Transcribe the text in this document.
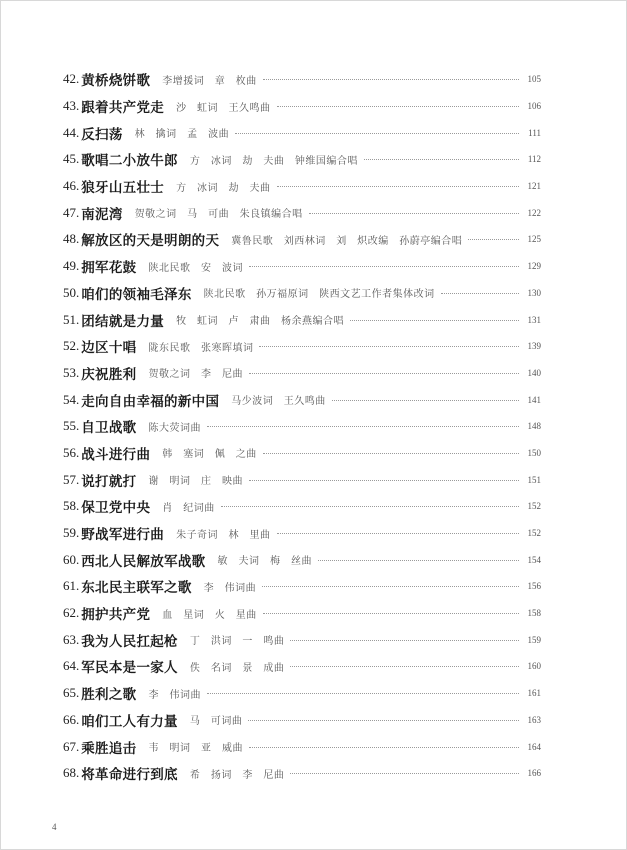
42. 黄桥烧饼歌 李增援词　章　枚曲	105
43. 跟着共产党走 沙　虹词　王久鸣曲	106
44. 反扫荡 林　擒词　孟　波曲	111
45. 歌唱二小放牛郎 方　冰词　劫　夫曲　钟维国编合唱	112
46. 狼牙山五壮士 方　冰词　劫　夫曲	121
47. 南泥湾 贺敬之词　马　可曲　朱良镇编合唱	122
48. 解放区的天是明朗的天 冀鲁民歌　刘西林词　刘　炽改编　孙蔚亭编合唱	125
49. 拥军花鼓 陕北民歌　安　波词	129
50. 咱们的领袖毛泽东 陕北民歌　孙万福原词　陕西文艺工作者集体改词	130
51. 团结就是力量 牧　虹词　卢　肃曲　杨余燕编合唱	131
52. 边区十唱 陇东民歌　张寒晖填词	139
53. 庆祝胜利 贺敬之词　李　尼曲	140
54. 走向自由幸福的新中国 马少波词　王久鸣曲	141
55. 自卫战歌 陈大荧词曲	148
56. 战斗进行曲 韩　塞词　佩　之曲	150
57. 说打就打 谢　明词　庄　映曲	151
58. 保卫党中央 肖　纪词曲	152
59. 野战军进行曲 朱子奇词　林　里曲	152
60. 西北人民解放军战歌 敏　夫词　梅　丝曲	154
61. 东北民主联军之歌 李　伟词曲	156
62. 拥护共产党 血　星词　火　星曲	158
63. 我为人民扛起枪 丁　洪词　一　鸣曲	159
64. 军民本是一家人 佚　名词　景　成曲	160
65. 胜利之歌 李　伟词曲	161
66. 咱们工人有力量 马　可词曲	163
67. 乘胜追击 韦　明词　亚　威曲	164
68. 将革命进行到底 希　扬词　李　尼曲	166
4
